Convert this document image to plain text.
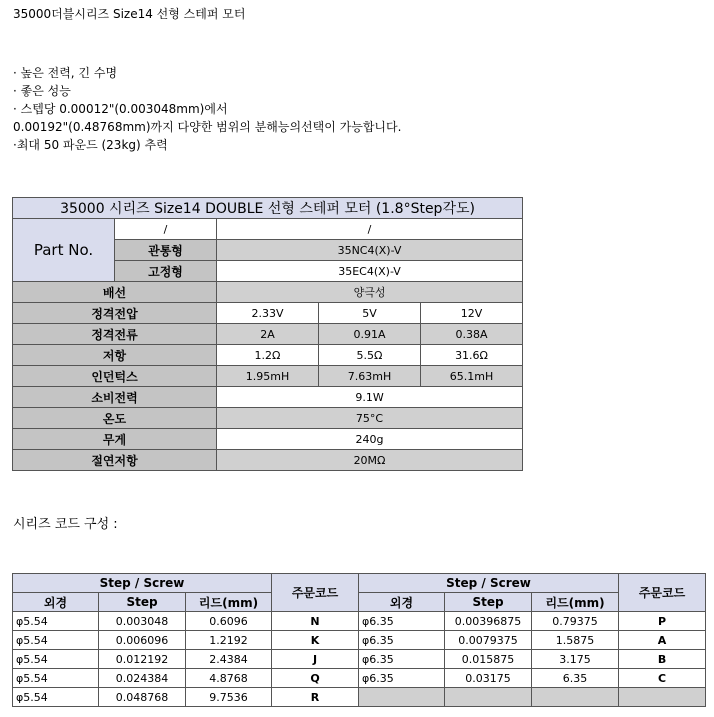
35000더블시리즈 Size14 선형 스테퍼 모터
· 높은 전력, 긴 수명
· 좋은 성능
· 스텝당 0.00012"(0.003048mm)에서
0.00192"(0.48768mm)까지 다양한 범위의 분해능의선택이 가능합니다.
·최대 50 파운드 (23kg) 추력
35000 시리즈 Size14 DOUBLE 선형 스테퍼 모터 (1.8°Step각도)				
Part No.	/	/		
	관통형	35NC4(X)-V		
	고정형	35EC4(X)-V		
배선		양극성		
정격전압		2.33V	5V	12V
정격전류		2A	0.91A	0.38A
저항		1.2Ω	5.5Ω	31.6Ω
인던턱스		1.95mH	7.63mH	65.1mH
소비전력		9.1W		
온도		75°C		
무게		240g		
절연저항		20MΩ		
시리즈 코드 구성 :
Step / Screw			주문코드	Step / Screw			주문코드
외경	Step	리드(mm)		외경	Step	리드(mm)	
φ5.54	0.003048	0.6096	N	φ6.35	0.00396875	0.79375	P
φ5.54	0.006096	1.2192	K	φ6.35	0.0079375	1.5875	A
φ5.54	0.012192	2.4384	J	φ6.35	0.015875	3.175	B
φ5.54	0.024384	4.8768	Q	φ6.35	0.03175	6.35	C
φ5.54	0.048768	9.7536	R				
